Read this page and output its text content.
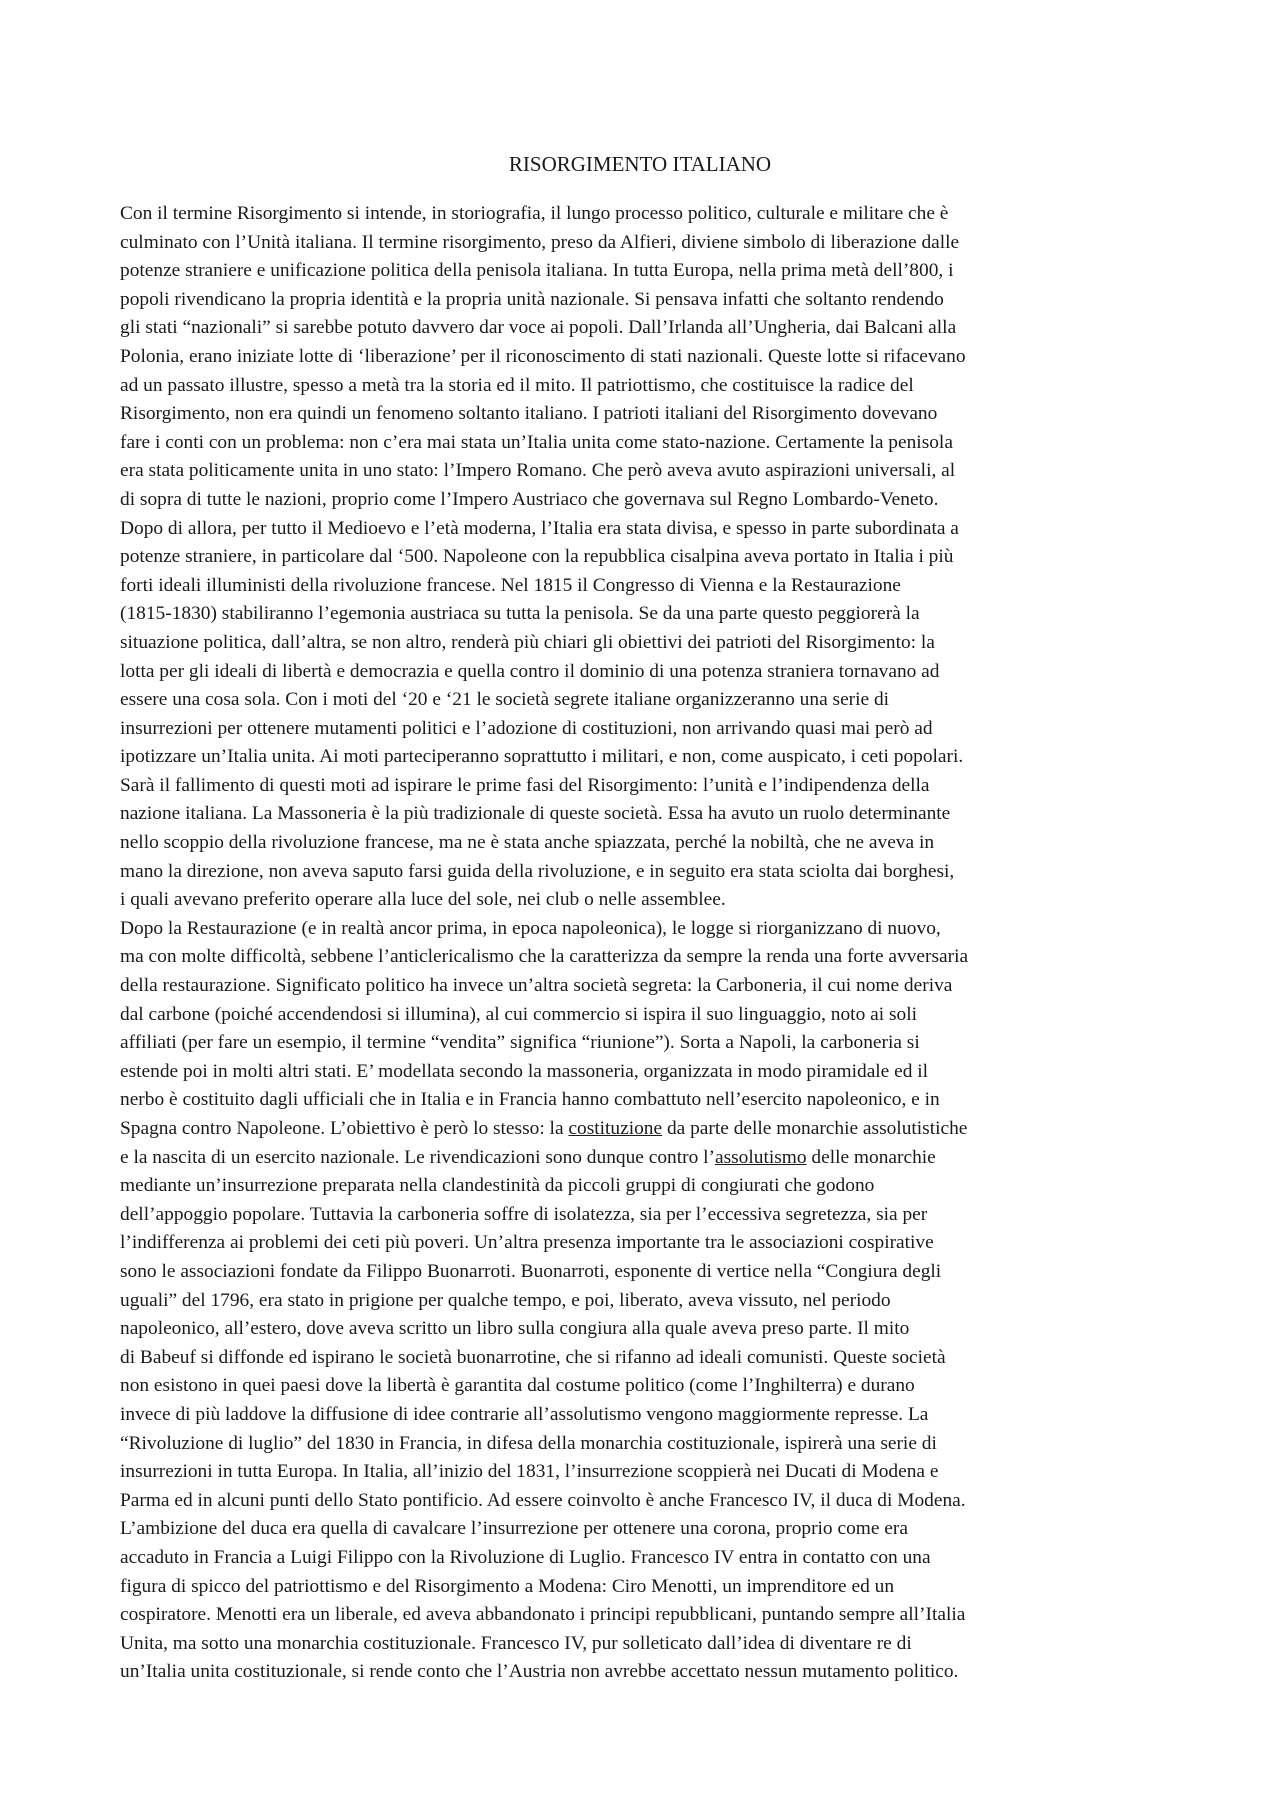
RISORGIMENTO ITALIANO
Con il termine Risorgimento si intende, in storiografia, il lungo processo politico, culturale e militare che è
culminato con l’Unità italiana. Il termine risorgimento, preso da Alfieri, diviene simbolo di liberazione dalle
potenze straniere e unificazione politica della penisola italiana. In tutta Europa, nella prima metà dell’800, i
popoli rivendicano la propria identità e la propria unità nazionale. Si pensava infatti che soltanto rendendo
gli stati “nazionali” si sarebbe potuto davvero dar voce ai popoli. Dall’Irlanda all’Ungheria, dai Balcani alla
Polonia, erano iniziate lotte di ‘liberazione’ per il riconoscimento di stati nazionali. Queste lotte si rifacevano
ad un passato illustre, spesso a metà tra la storia ed il mito. Il patriottismo, che costituisce la radice del
Risorgimento, non era quindi un fenomeno soltanto italiano. I patrioti italiani del Risorgimento dovevano
fare i conti con un problema: non c’era mai stata un’Italia unita come stato-nazione. Certamente la penisola
era stata politicamente unita in uno stato: l’Impero Romano. Che però aveva avuto aspirazioni universali, al
di sopra di tutte le nazioni, proprio come l’Impero Austriaco che governava sul Regno Lombardo-Veneto.
Dopo di allora, per tutto il Medioevo e l’età moderna, l’Italia era stata divisa, e spesso in parte subordinata a
potenze straniere, in particolare dal ‘500. Napoleone con la repubblica cisalpina aveva portato in Italia i più
forti ideali illuministi della rivoluzione francese. Nel 1815 il Congresso di Vienna e la Restaurazione
(1815-1830) stabiliranno l’egemonia austriaca su tutta la penisola. Se da una parte questo peggiorerà la
situazione politica, dall’altra, se non altro, renderà più chiari gli obiettivi dei patrioti del Risorgimento: la
lotta per gli ideali di libertà e democrazia e quella contro il dominio di una potenza straniera tornavano ad
essere una cosa sola. Con i moti del ‘20 e ‘21 le società segrete italiane organizzeranno una serie di
insurrezioni per ottenere mutamenti politici e l’adozione di costituzioni, non arrivando quasi mai però ad
ipotizzare un’Italia unita. Ai moti parteciperanno soprattutto i militari, e non, come auspicato, i ceti popolari.
Sarà il fallimento di questi moti ad ispirare le prime fasi del Risorgimento: l’unità e l’indipendenza della
nazione italiana. La Massoneria è la più tradizionale di queste società. Essa ha avuto un ruolo determinante
nello scoppio della rivoluzione francese, ma ne è stata anche spiazzata, perché la nobiltà, che ne aveva in
mano la direzione, non aveva saputo farsi guida della rivoluzione, e in seguito era stata sciolta dai borghesi,
i quali avevano preferito operare alla luce del sole, nei club o nelle assemblee.
Dopo la Restaurazione (e in realtà ancor prima, in epoca napoleonica), le logge si riorganizzano di nuovo,
ma con molte difficoltà, sebbene l’anticlericalismo che la caratterizza da sempre la renda una forte avversaria
della restaurazione. Significato politico ha invece un’altra società segreta: la Carboneria, il cui nome deriva
dal carbone (poiché accendendosi si illumina), al cui commercio si ispira il suo linguaggio, noto ai soli
affiliati (per fare un esempio, il termine “vendita” significa “riunione”). Sorta a Napoli, la carboneria si
estende poi in molti altri stati. E’ modellata secondo la massoneria, organizzata in modo piramidale ed il
nerbo è costituito dagli ufficiali che in Italia e in Francia hanno combattuto nell’esercito napoleonico, e in
Spagna contro Napoleone. L’obiettivo è però lo stesso: la costituzione da parte delle monarchie assolutistiche
e la nascita di un esercito nazionale. Le rivendicazioni sono dunque contro l’assolutismo delle monarchie
mediante un’insurrezione preparata nella clandestinità da piccoli gruppi di congiurati che godono
dell’appoggio popolare. Tuttavia la carboneria soffre di isolatezza, sia per l’eccessiva segretezza, sia per
l’indifferenza ai problemi dei ceti più poveri. Un’altra presenza importante tra le associazioni cospirative
sono le associazioni fondate da Filippo Buonarroti. Buonarroti, esponente di vertice nella “Congiura degli
uguali” del 1796, era stato in prigione per qualche tempo, e poi, liberato, aveva vissuto, nel periodo
napoleonico, all’estero, dove aveva scritto un libro sulla congiura alla quale aveva preso parte. Il mito
di Babeuf si diffonde ed ispirano le società buonarrotine, che si rifanno ad ideali comunisti. Queste società
non esistono in quei paesi dove la libertà è garantita dal costume politico (come l’Inghilterra) e durano
invece di più laddove la diffusione di idee contrarie all’assolutismo vengono maggiormente represse. La
“Rivoluzione di luglio” del 1830 in Francia, in difesa della monarchia costituzionale, ispirerà una serie di
insurrezioni in tutta Europa. In Italia, all’inizio del 1831, l’insurrezione scoppierà nei Ducati di Modena e
Parma ed in alcuni punti dello Stato pontificio. Ad essere coinvolto è anche Francesco IV, il duca di Modena.
L’ambizione del duca era quella di cavalcare l’insurrezione per ottenere una corona, proprio come era
accaduto in Francia a Luigi Filippo con la Rivoluzione di Luglio. Francesco IV entra in contatto con una
figura di spicco del patriottismo e del Risorgimento a Modena: Ciro Menotti, un imprenditore ed un
cospiratore. Menotti era un liberale, ed aveva abbandonato i principi repubblicani, puntando sempre all’Italia
Unita, ma sotto una monarchia costituzionale. Francesco IV, pur solleticato dall’idea di diventare re di
un’Italia unita costituzionale, si rende conto che l’Austria non avrebbe accettato nessun mutamento politico.
